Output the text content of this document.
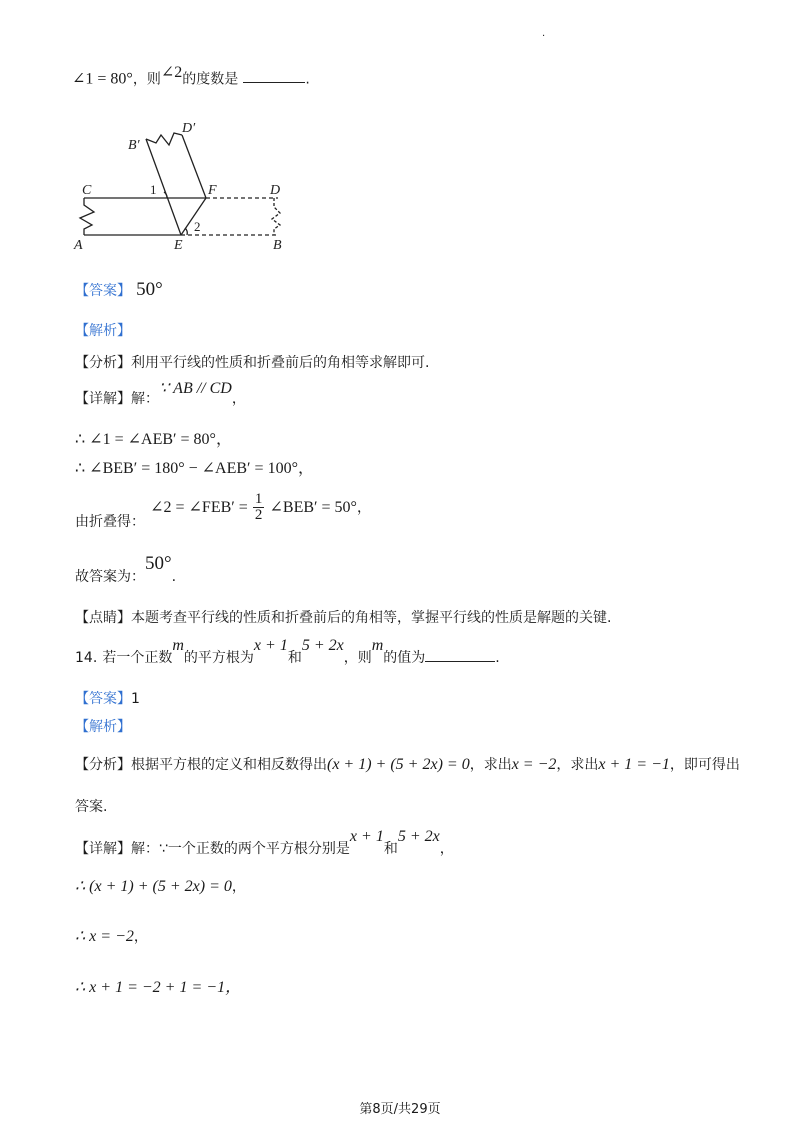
.
∠1 = 80°，则$^{\angle 2}$的度数是	.
B′
D′
C	1	F	D
A	E
2
B
【答案】 50°
【解析】
【分析】利用平行线的性质和折叠前后的角相等求解即可.
【详解】解：∵ AB // CD，
∴ ∠1 = ∠AEB′ = 80°，
∴ ∠BEB′ = 180° − ∠AEB′ = 100°，
由折叠得： ∠2 = ∠FEB′ = $\frac{1}{2}$ ∠BEB′ = 50°，
故答案为：50°.
【点睛】本题考查平行线的性质和折叠前后的角相等，掌握平行线的性质是解题的关键.
14. 若一个正数m的平方根为x + 1和5 + 2x，则m的值为	.
【答案】1
【解析】
【分析】根据平方根的定义和相反数得出(x + 1) + (5 + 2x) = 0，求出x = −2，求出x + 1 = −1，即可得出
答案.
【详解】解：∵一个正数的两个平方根分别是x + 1和5 + 2x，
∴ (x + 1) + (5 + 2x) = 0，
∴ x = −2，
∴ x + 1 = −2 + 1 = −1，
第8页/共29页
